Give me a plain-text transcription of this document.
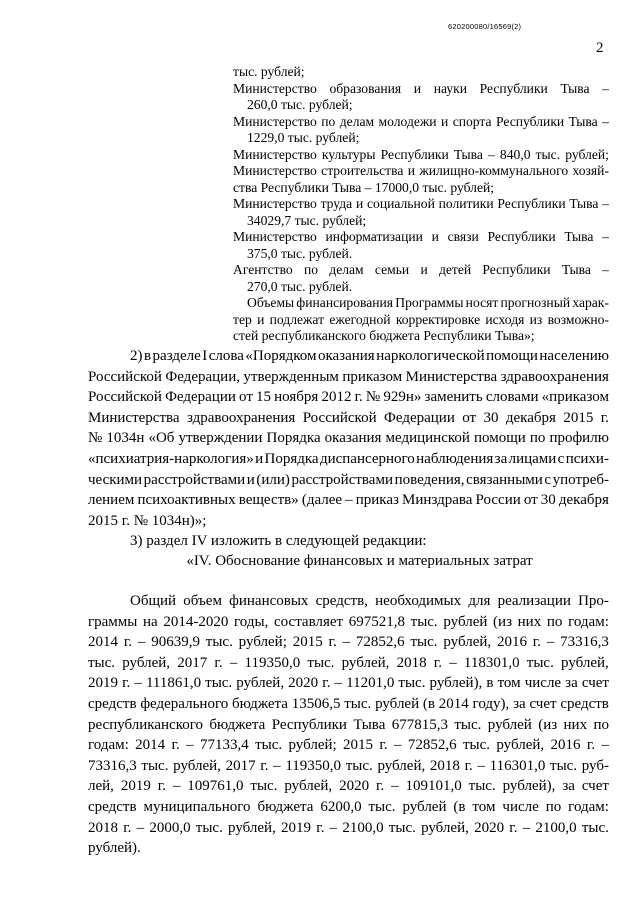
620200080/16569(2)
2
тыс. рублей;
Министерство образования и науки Республики Тыва –
260,0 тыс. рублей;
Министерство по делам молодежи и спорта Республики Тыва –
1229,0 тыс. рублей;
Министерство культуры Республики Тыва – 840,0 тыс. рублей;
Министерство строительства и жилищно-коммунального хозяй-
ства Республики Тыва – 17000,0 тыс. рублей;
Министерство труда и социальной политики Республики Тыва –
34029,7 тыс. рублей;
Министерство информатизации и связи Республики Тыва –
375,0 тыс. рублей.
Агентство по делам семьи и детей Республики Тыва –
270,0 тыс. рублей.
Объемы финансирования Программы носят прогнозный харак-
тер и подлежат ежегодной корректировке исходя из возможно-
стей республиканского бюджета Республики Тыва»;
2) в разделе I слова «Порядком оказания наркологической помощи населению
Российской Федерации, утвержденным приказом Министерства здравоохранения
Российской Федерации от 15 ноября 2012 г. № 929н» заменить словами «приказом
Министерства здравоохранения Российской Федерации от 30 декабря 2015 г.
№ 1034н «Об утверждении Порядка оказания медицинской помощи по профилю
«психиатрия-наркология» и Порядка диспансерного наблюдения за лицами с психи-
ческими расстройствами и (или) расстройствами поведения, связанными с употреб-
лением психоактивных веществ» (далее – приказ Минздрава России от 30 декабря
2015 г. № 1034н)»;
3) раздел IV изложить в следующей редакции:
«IV. Обоснование финансовых и материальных затрат
Общий объем финансовых средств, необходимых для реализации Про-
граммы на 2014-2020 годы, составляет 697521,8 тыс. рублей (из них по годам:
2014 г. – 90639,9 тыс. рублей; 2015 г. – 72852,6 тыс. рублей, 2016 г. – 73316,3
тыс. рублей, 2017 г. – 119350,0 тыс. рублей, 2018 г. – 118301,0 тыс. рублей,
2019 г. – 111861,0 тыс. рублей, 2020 г. – 11201,0 тыс. рублей), в том числе за счет
средств федерального бюджета 13506,5 тыс. рублей (в 2014 году), за счет средств
республиканского бюджета Республики Тыва 677815,3 тыс. рублей (из них по
годам: 2014 г. – 77133,4 тыс. рублей; 2015 г. – 72852,6 тыс. рублей, 2016 г. –
73316,3 тыс. рублей, 2017 г. – 119350,0 тыс. рублей, 2018 г. – 116301,0 тыс. руб-
лей, 2019 г. – 109761,0 тыс. рублей, 2020 г. – 109101,0 тыс. рублей), за счет
средств муниципального бюджета 6200,0 тыс. рублей (в том числе по годам:
2018 г. – 2000,0 тыс. рублей, 2019 г. – 2100,0 тыс. рублей, 2020 г. – 2100,0 тыс.
рублей).
